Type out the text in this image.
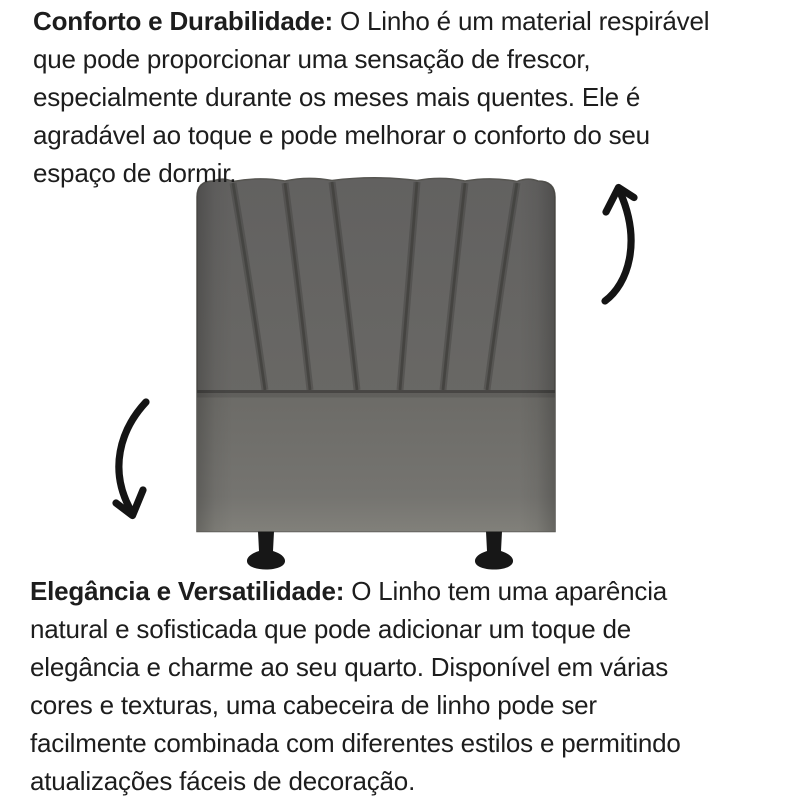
Conforto e Durabilidade: O Linho é um material respirável
que pode proporcionar uma sensação de frescor,
especialmente durante os meses mais quentes. Ele é
agradável ao toque e pode melhorar o conforto do seu
espaço de dormir.
Elegância e Versatilidade: O Linho tem uma aparência
natural e sofisticada que pode adicionar um toque de
elegância e charme ao seu quarto. Disponível em várias
cores e texturas, uma cabeceira de linho pode ser
facilmente combinada com diferentes estilos e permitindo
atualizações fáceis de decoração.
